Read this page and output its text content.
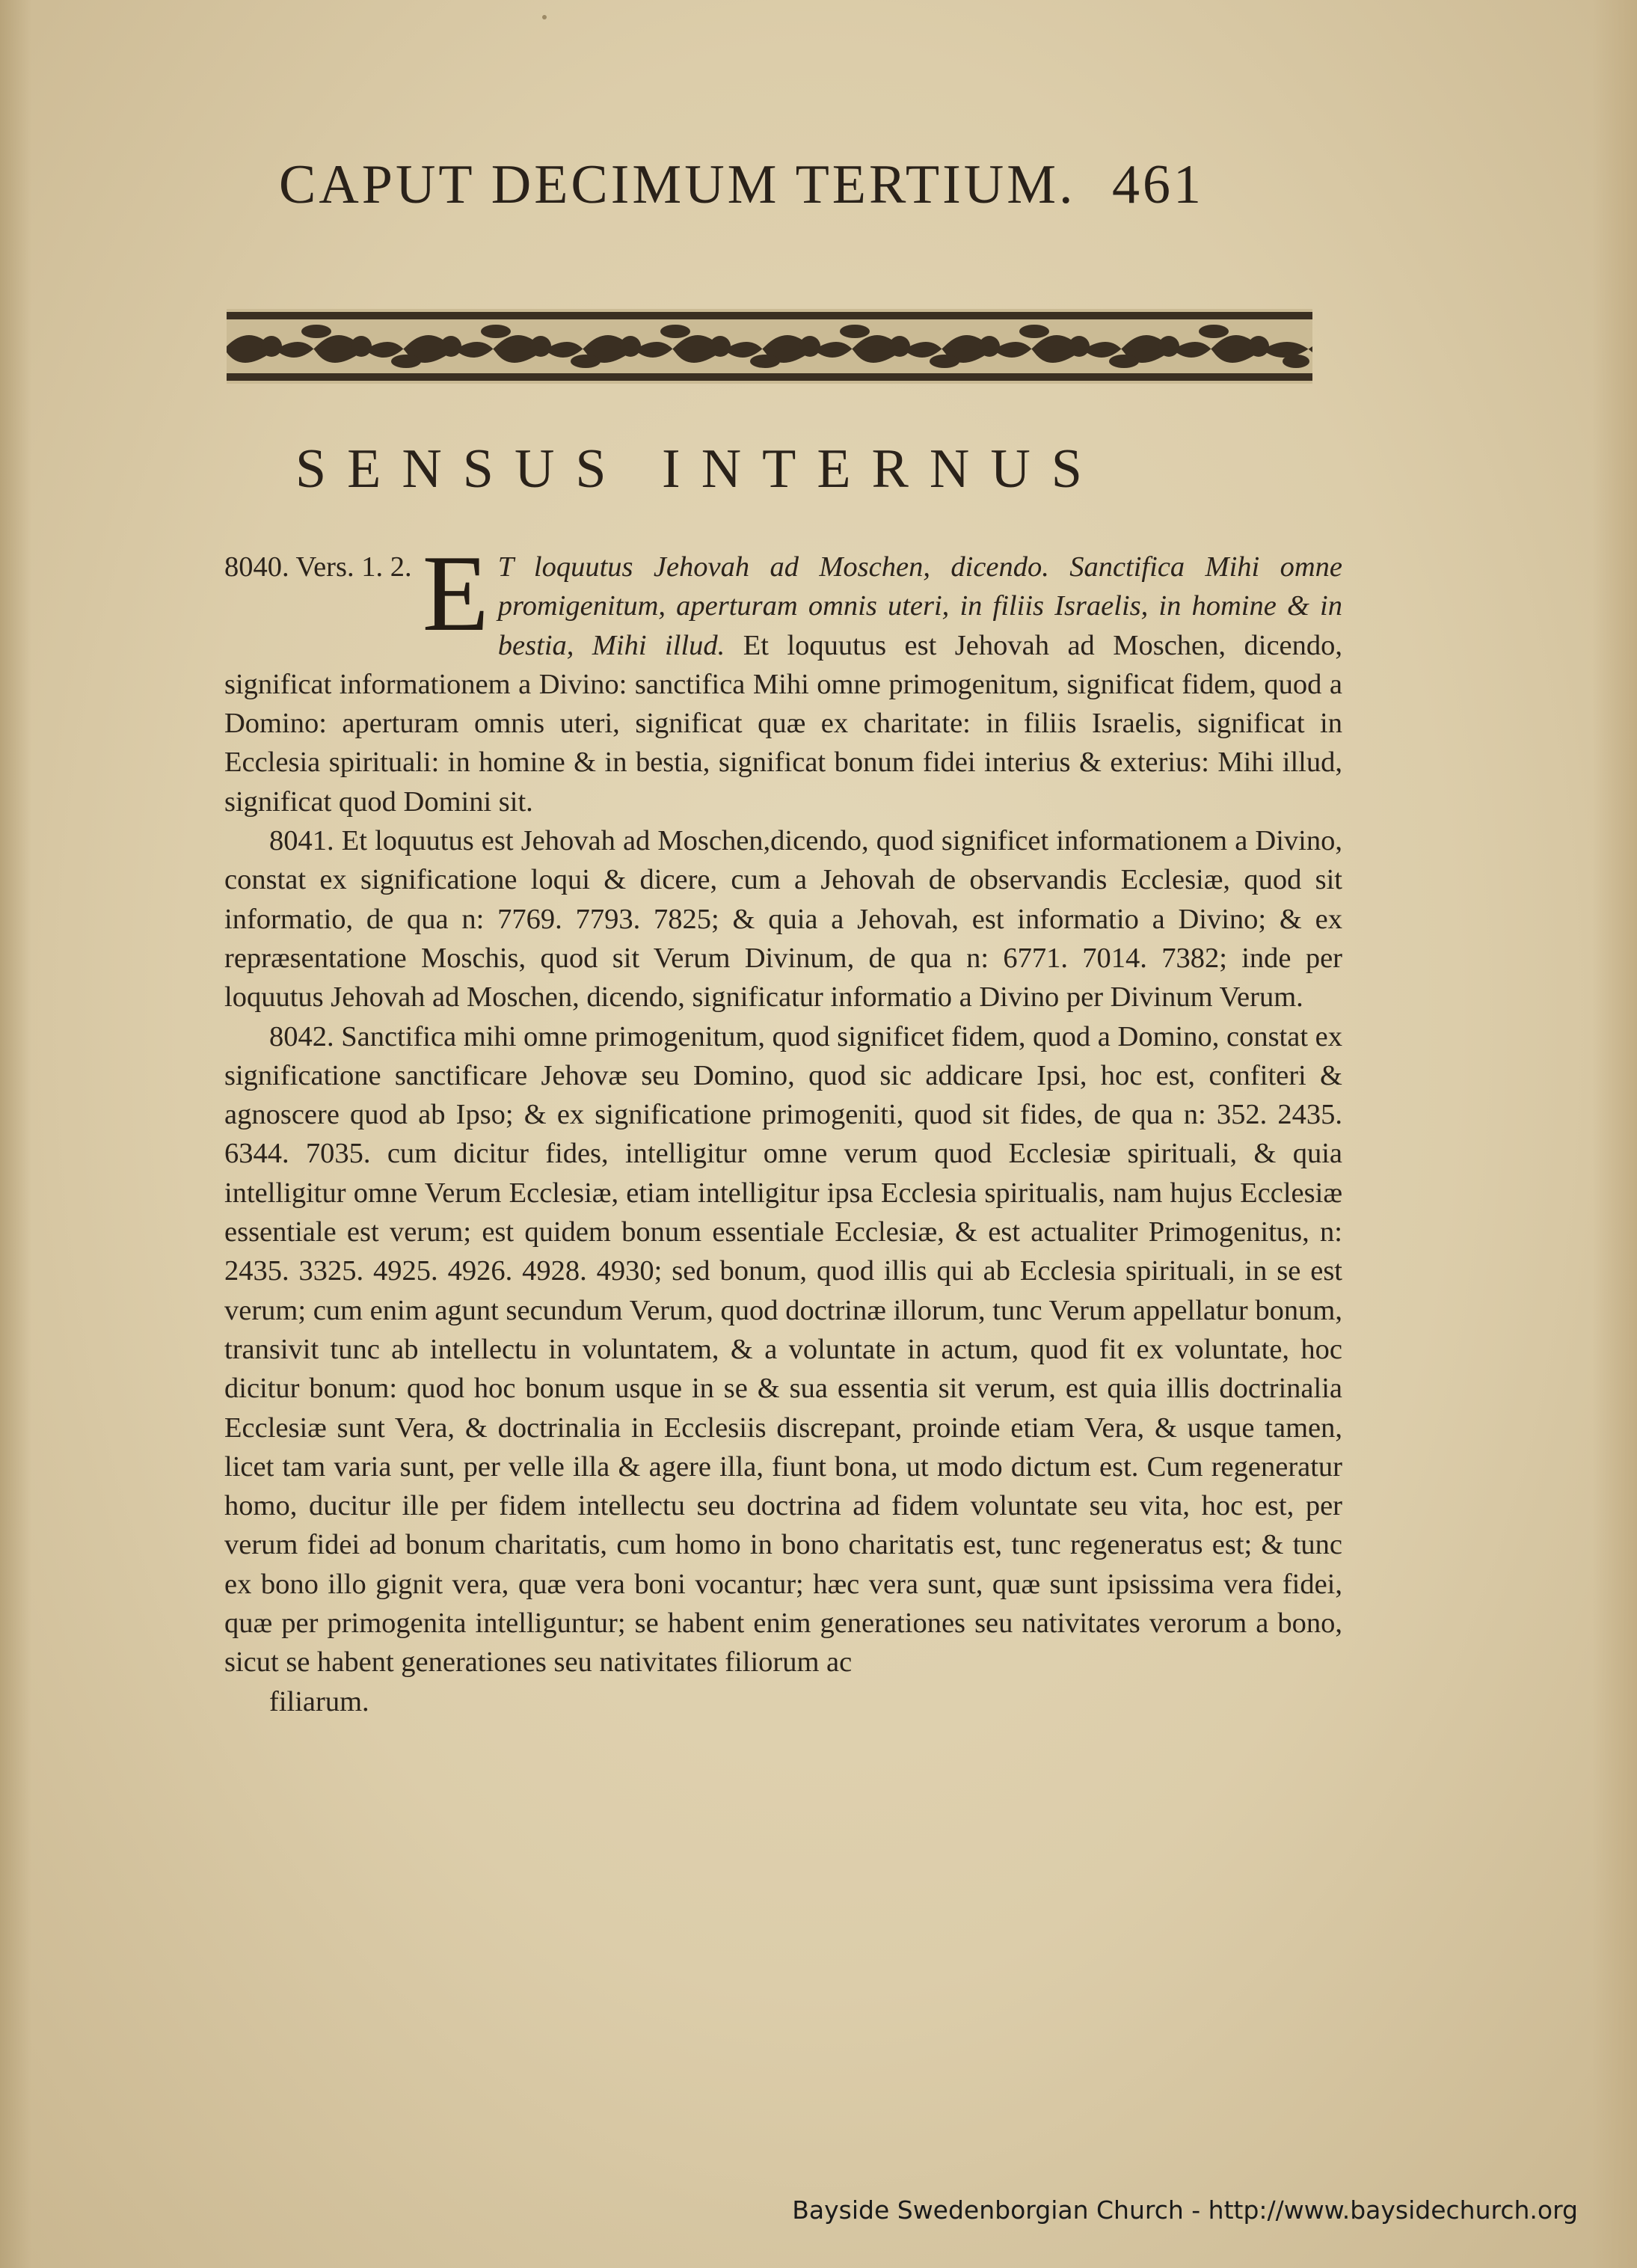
CAPUT DECIMUM TERTIUM. 461
SENSUS INTERNUS

8040. Vers. 1. 2. E T loquutus Jehovah ad Moschen, dicendo. Sanctifica Mihi omne promigenitum, aperturam omnis uteri, in filiis Israelis, in homine & in bestia, Mihi illud. Et loquutus est Jehovah ad Moschen, dicendo, significat informationem a Divino: sanctifica Mihi omne primogenitum, significat fidem, quod a Domino: aperturam omnis uteri, significat quæ ex charitate: in filiis Israelis, significat in Ecclesia spirituali: in homine & in bestia, significat bonum fidei interius & exterius: Mihi illud, significat quod Domini sit.

8041. Et loquutus est Jehovah ad Moschen,dicendo, quod significet informationem a Divino, constat ex significatione loqui & dicere, cum a Jehovah de observandis Ecclesiæ, quod sit informatio, de qua n: 7769. 7793. 7825; & quia a Jehovah, est informatio a Divino; & ex repræsentatione Moschis, quod sit Verum Divinum, de qua n: 6771. 7014. 7382; inde per loquutus Jehovah ad Moschen, dicendo, significatur informatio a Divino per Divinum Verum.

8042. Sanctifica mihi omne primogenitum, quod significet fidem, quod a Domino, constat ex significatione sanctificare Jehovæ seu Domino, quod sic addicare Ipsi, hoc est, confiteri & agnoscere quod ab Ipso; & ex significatione primogeniti, quod sit fides, de qua n: 352. 2435. 6344. 7035. cum dicitur fides, intelligitur omne verum quod Ecclesiæ spirituali, & quia intelligitur omne Verum Ecclesiæ, etiam intelligitur ipsa Ecclesia spiritualis, nam hujus Ecclesiæ essentiale est verum; est quidem bonum essentiale Ecclesiæ, & est actualiter Primogenitus, n: 2435. 3325. 4925. 4926. 4928. 4930; sed bonum, quod illis qui ab Ecclesia spirituali, in se est verum; cum enim agunt secundum Verum, quod doctrinæ illorum, tunc Verum appellatur bonum, transivit tunc ab intellectu in voluntatem, & a voluntate in actum, quod fit ex voluntate, hoc dicitur bonum: quod hoc bonum usque in se & sua essentia sit verum, est quia illis doctrinalia Ecclesiæ sunt Vera, & doctrinalia in Ecclesiis discrepant, proinde etiam Vera, & usque tamen, licet tam varia sunt, per velle illa & agere illa, fiunt bona, ut modo dictum est. Cum regeneratur homo, ducitur ille per fidem intellectu seu doctrina ad fidem voluntate seu vita, hoc est, per verum fidei ad bonum charitatis, cum homo in bono charitatis est, tunc regeneratus est; & tunc ex bono illo gignit vera, quæ vera boni vocantur; hæc vera sunt, quæ sunt ipsissima vera fidei, quæ per primogenita intelliguntur; se habent enim generationes seu nativitates verorum a bono, sicut se habent generationes seu nativitates filiorum ac

filiarum.

Bayside Swedenborgian Church - http://www.baysidechurch.org
